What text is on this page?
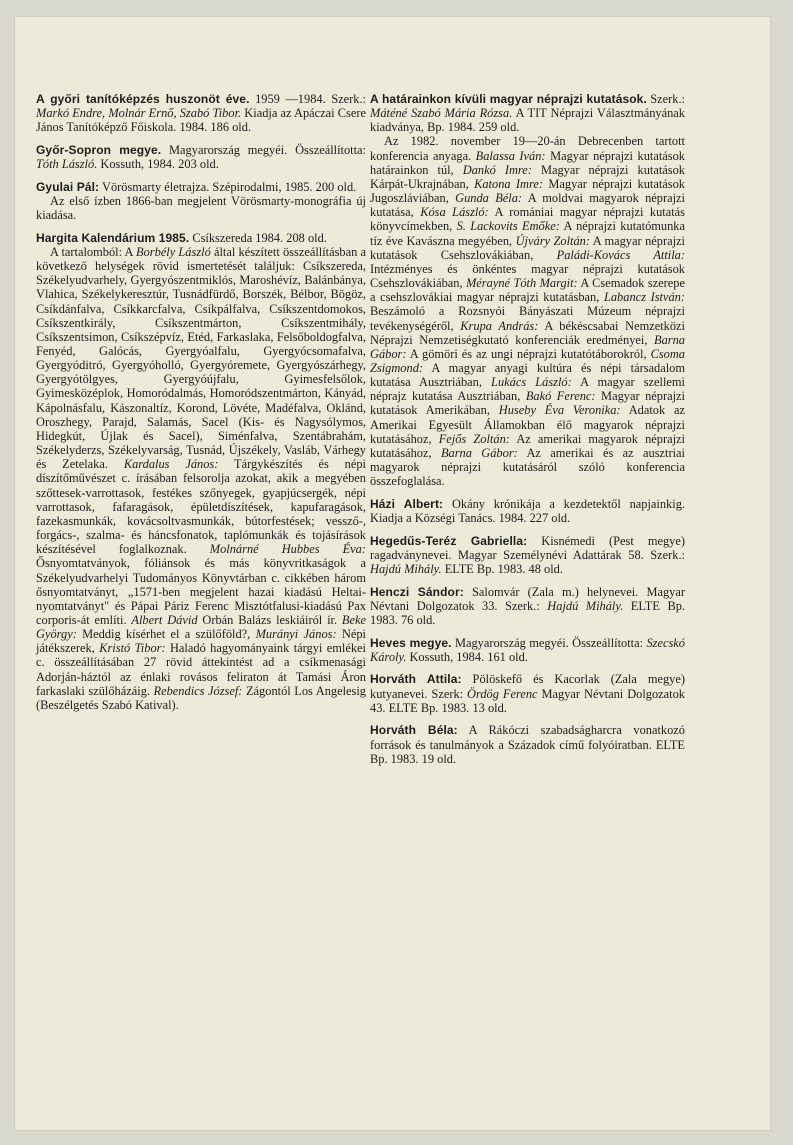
A győri tanítóképzés huszonöt éve. 1959 —1984. Szerk.: Markó Endre, Molnár Ernő, Szabó Tibor. Kiadja az Apáczai Csere János Tanítóképző Főiskola. 1984. 186 old.

Győr-Sopron megye. Magyarország megyéi. Összeállította: Tóth László. Kossuth, 1984. 203 old.

Gyulai Pál: Vörösmarty életrajza. Szépirodalmi, 1985. 200 old.

Az első ízben 1866-ban megjelent Vörösmarty-monográfia új kiadása.

Hargita Kalendárium 1985. Csíkszereda 1984. 208 old.

A tartalomból: A Borbély László által készített összeállításban a következő helységek rövid ismertetését találjuk: Csíkszereda, Székelyudvarhely, Gyergyószentmiklós, Maroshévíz, Balánbánya, Vlahica, Székelykeresztúr, Tusnádfürdő, Borszék, Bélbor, Bögöz, Csíkdánfalva, Csíkkarcfalva, Csíkpálfalva, Csíkszentdomokos, Csíkszentkirály, Csíkszentmárton, Csíkszentmihály, Csíkszentsimon, Csíkszépvíz, Etéd, Farkaslaka, Felsőboldogfalva, Fenyéd, Galócás, Gyergyóalfalu, Gyergyócsomafalva, Gyergyóditró, Gyergyóholló, Gyergyóremete, Gyergyószárhegy, Gyergyótölgyes, Gyergyóújfalu, Gyimesfelsőlok, Gyimesközéplok, Homoródalmás, Homoródszentmárton, Kányád, Kápolnásfalu, Kászonaltíz, Korond, Lövéte, Madéfalva, Oklánd, Oroszhegy, Parajd, Salamás, Sacel (Kis- és Nagysólymos, Hidegkút, Újlak és Sacel), Siménfalva, Szentábrahám, Székelyderzs, Székelyvarság, Tusnád, Újszékely, Vasláb, Várhegy és Zetelaka. Kardalus János: Tárgykészítés és népi díszítőművészet c. írásában felsorolja azokat, akik a megyében szőttesek-varrottasok, festékes szőnyegek, gyapjúcsergék, népi varrottasok, fafaragások, épületdíszítések, kapufaragások, fazekasmunkák, kovácsoltvasmunkák, bútorfestések; vessző-, forgács-, szalma- és háncsfonatok, taplómunkák és tojásírások készítésével foglalkoznak. Molnárné Hubbes Éva: Ősnyomtatványok, fóliánsok és más könyvritkaságok a Székelyudvarhelyi Tudományos Könyvtárban c. cikkében három ősnyomtatványt, „1571-ben megjelent hazai kiadású Heltai-nyomtatványt" és Pápai Páriz Ferenc Misztótfalusi-kiadású Pax corporis-át említi. Albert Dávid Orbán Balázs leskiáiról ír. Beke György: Meddig kísérhet el a szülőföld?, Murányi János: Népi játékszerek, Kristó Tibor: Haladó hagyományaink tárgyi emlékei c. összeállításában 27 rövid áttekintést ad a csíkmenasági Adorján-háztól az énlaki rovásos feliraton át Tamási Áron farkaslaki szülőházáig. Rebendics József: Zágontól Los Angelesig (Beszélgetés Szabó Katival).

A határainkon kívüli magyar néprajzi kutatások. Szerk.: Máténé Szabó Mária Rózsa. A TIT Néprajzi Választmányának kiadványa, Bp. 1984. 259 old.

Az 1982. november 19—20-án Debrecenben tartott konferencia anyaga. Balassa Iván: Magyar néprajzi kutatások határainkon túl, Dankó Imre: Magyar néprajzi kutatások Kárpát-Ukrajnában, Katona Imre: Magyar néprajzi kutatások Jugoszláviában, Gunda Béla: A moldvai magyarok néprajzi kutatása, Kósa László: A romániai magyar néprajzi kutatás könyvcímekben, S. Lackovits Emőke: A néprajzi kutatómunka tíz éve Kavászna megyében, Újváry Zoltán: A magyar néprajzi kutatások Csehszlovákiában, Paládi-Kovács Attila: Intézményes és önkéntes magyar néprajzi kutatások Csehszlovákiában, Mérayné Tóth Margit: A Csemadok szerepe a csehszlovákiai magyar néprajzi kutatásban, Labancz István: Beszámoló a Rozsnyói Bányászati Múzeum néprajzi tevékenységéről, Krupa András: A békéscsabai Nemzetközi Néprajzi Nemzetiségkutató konferenciák eredményei, Barna Gábor: A gömöri és az ungi néprajzi kutatótáborokról, Csoma Zsigmond: A magyar anyagi kultúra és népi társadalom kutatása Ausztriában, Lukács László: A magyar szellemi néprajz kutatása Ausztriában, Bakó Ferenc: Magyar néprajzi kutatások Amerikában, Huseby Éva Veronika: Adatok az Amerikai Egyesült Államokban élő magyarok néprajzi kutatásához, Fejős Zoltán: Az amerikai magyarok néprajzi kutatásához, Barna Gábor: Az amerikai és az ausztriai magyarok néprajzi kutatásáról szóló konferencia összefoglalása.

Házi Albert: Okány krónikája a kezdetektől napjainkig. Kiadja a Községi Tanács. 1984. 227 old.

Hegedűs-Teréz Gabriella: Kisnémedi (Pest megye) ragadványnevei. Magyar Személynévi Adattárak 58. Szerk.: Hajdú Mihály. ELTE Bp. 1983. 48 old.

Henczi Sándor: Salomvár (Zala m.) helynevei. Magyar Névtani Dolgozatok 33. Szerk.: Hajdú Mihály. ELTE Bp. 1983. 76 old.

Heves megye. Magyarország megyéi. Összeállította: Szecskó Károly. Kossuth, 1984. 161 old.

Horváth Attila: Pölöskefő és Kacorlak (Zala megye) kutyanevei. Szerk: Ördög Ferenc Magyar Névtani Dolgozatok 43. ELTE Bp. 1983. 13 old.

Horváth Béla: A Rákóczi szabadságharcra vonatkozó források és tanulmányok a Századok című folyóiratban. ELTE Bp. 1983. 19 old.
